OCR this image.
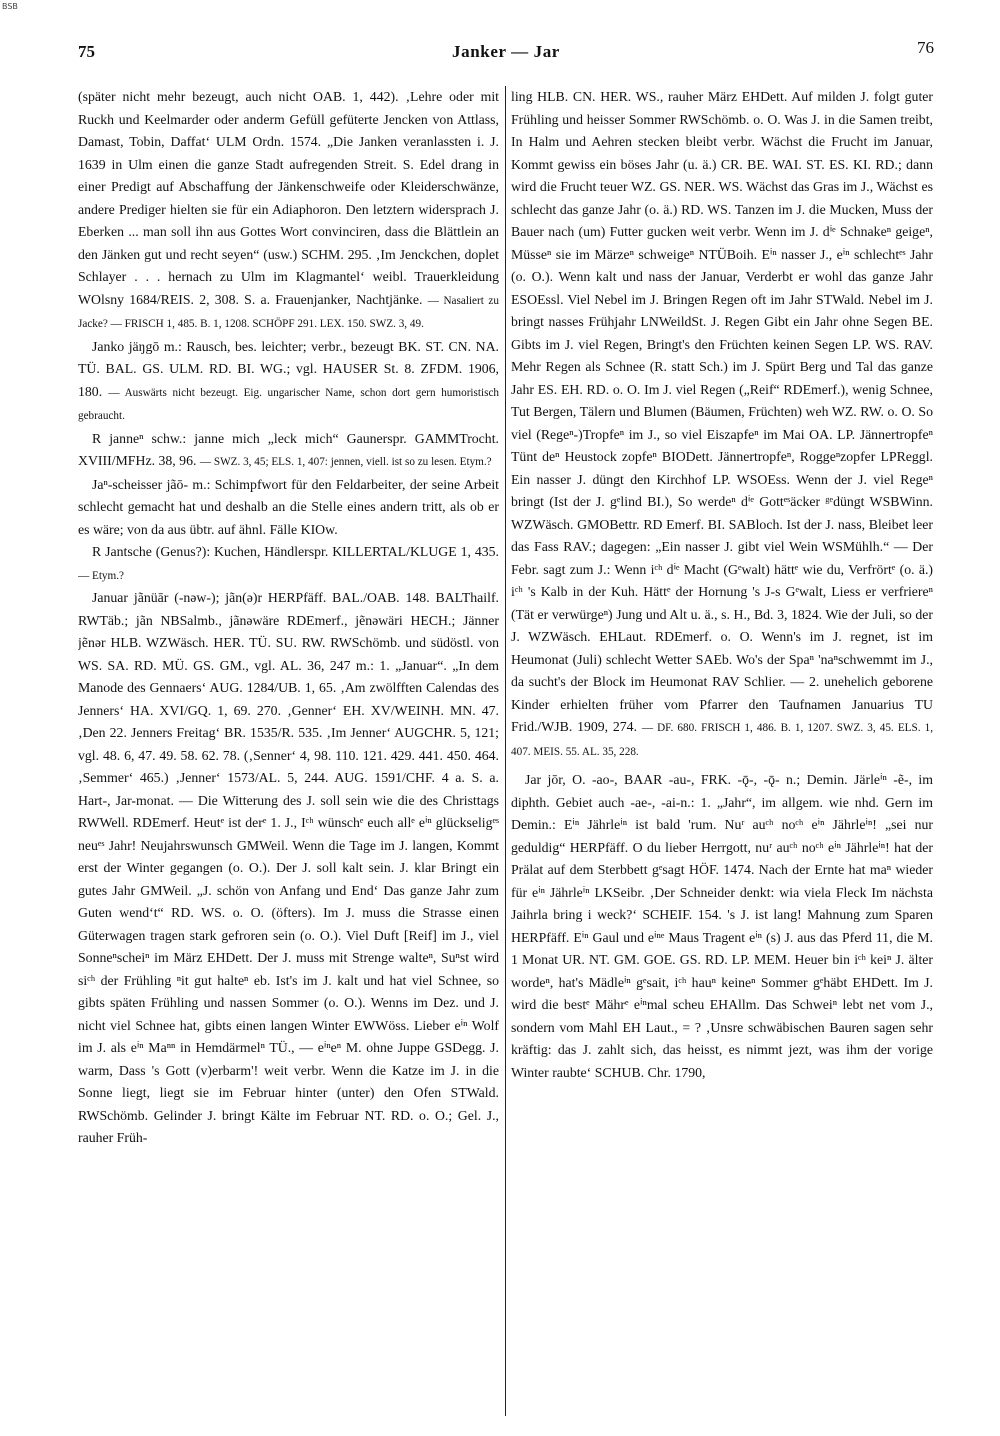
BSB
75	Janker — Jar	76

(später nicht mehr bezeugt, auch nicht OAB. 1, 442). ‚Lehre oder mit Ruckh und Keelmarder oder anderm Gefüll gefüterte Jencken von Attlass, Damast, Tobin, Daffat‘ ULM Ordn. 1574. „Die Janken veranlassten i. J. 1639 in Ulm einen die ganze Stadt aufregenden Streit. S. Edel drang in einer Predigt auf Abschaffung der Jänkenschweife oder Kleiderschwänze, andere Prediger hielten sie für ein Adiaphoron. Den letztern widersprach J. Eberken ... man soll ihn aus Gottes Wort convinciren, dass die Blättlein an den Jänken gut und recht seyen“ (usw.) SCHM. 295. ‚Im Jenckchen, doplet Schlayer . . . hernach zu Ulm im Klagmantel‘ weibl. Trauerkleidung WOlsny 1684/REIS. 2, 308. S. a. Frauenjanker, Nachtjänke. — Nasaliert zu Jacke? — FRISCH 1, 485. B. 1, 1208. SCHÖPF 291. LEX. 150. SWZ. 3, 49.

Janko jäŋgō m.: Rausch, bes. leichter; verbr., bezeugt BK. ST. CN. NA. TÜ. BAL. GS. ULM. RD. BI. WG.; vgl. HAUSER St. 8. ZFDM. 1906, 180. — Auswärts nicht bezeugt. Eig. ungarischer Name, schon dort gern humoristisch gebraucht.

R janneⁿ schw.: janne mich „leck mich“ Gaunerspr. GAMMTrocht. XVIII/MFHz. 38, 96. — SWZ. 3, 45; ELS. 1, 407: jennen, viell. ist so zu lesen. Etym.?

Jaⁿ-scheisser jãō- m.: Schimpfwort für den Feldarbeiter, der seine Arbeit schlecht gemacht hat und deshalb an die Stelle eines andern tritt, als ob er es wäre; von da aus übtr. auf ähnl. Fälle KIOw.

R Jantsche (Genus?): Kuchen, Händlerspr. KILLERTAL/KLUGE 1, 435. — Etym.?

Januar jãnüār (-nəw-); jãn(ə)r HERPfäff. BAL./OAB. 148. BALThailf. RWTäb.; jãn NBSalmb., jãnəwäre RDEmerf., jẽnəwäri HECH.; Jänner jẽnər HLB. WZWäsch. HER. TÜ. SU. RW. RWSchömb. und südöstl. von WS. SA. RD. MÜ. GS. GM., vgl. AL. 36, 247 m.: 1. „Januar“. „In dem Manode des Gennaers‘ AUG. 1284/UB. 1, 65. ‚Am zwölfften Calendas des Jenners‘ HA. XVI/GQ. 1, 69. 270. ‚Genner‘ EH. XV/WEINH. MN. 47. ‚Den 22. Jenners Freitag‘ BR. 1535/R. 535. ‚Im Jenner‘ AUGCHR. 5, 121; vgl. 48. 6, 47. 49. 58. 62. 78. (‚Senner‘ 4, 98. 110. 121. 429. 441. 450. 464. ‚Semmer‘ 465.) ‚Jenner‘ 1573/AL. 5, 244. AUG. 1591/CHF. 4 a. S. a. Hart-, Jar-monat. — Die Witterung des J. soll sein wie die des Christtags RWWell. RDEmerf. Heutᵉ ist derᵉ 1. J., Iᶜʰ wünschᵉ euch allᵉ eⁱⁿ glückseligᵉˢ neuᵉˢ Jahr! Neujahrswunsch GMWeil. Wenn die Tage im J. langen, Kommt erst der Winter gegangen (o. O.). Der J. soll kalt sein. J. klar Bringt ein gutes Jahr GMWeil. „J. schön von Anfang und End‘ Das ganze Jahr zum Guten wend‘t“ RD. WS. o. O. (öfters). Im J. muss die Strasse einen Güterwagen tragen stark gefroren sein (o. O.). Viel Duft [Reif] im J., viel Sonneⁿscheiⁿ im März EHDett. Der J. muss mit Strenge walteⁿ, Suⁿst wird siᶜʰ der Frühling ⁿit gut halteⁿ eb. Ist's im J. kalt und hat viel Schnee, so gibts späten Frühling und nassen Sommer (o. O.). Wenns im Dez. und J. nicht viel Schnee hat, gibts einen langen Winter EWWöss. Lieber eⁱⁿ Wolf im J. als eⁱⁿ Maⁿⁿ in Hemdärmelⁿ TÜ., — eⁱⁿeⁿ M. ohne Juppe GSDegg. J. warm, Dass 's Gott (v)erbarm'! weit verbr. Wenn die Katze im J. in die Sonne liegt, liegt sie im Februar hinter (unter) den Ofen STWald. RWSchömb. Gelinder J. bringt Kälte im Februar NT. RD. o. O.; Gel. J., rauher Früh-

ling HLB. CN. HER. WS., rauher März EHDett. Auf milden J. folgt guter Frühling und heisser Sommer RWSchömb. o. O. Was J. in die Samen treibt, In Halm und Aehren stecken bleibt verbr. Wächst die Frucht im Januar, Kommt gewiss ein böses Jahr (u. ä.) CR. BE. WAI. ST. ES. KI. RD.; dann wird die Frucht teuer WZ. GS. NER. WS. Wächst das Gras im J., Wächst es schlecht das ganze Jahr (o. ä.) RD. WS. Tanzen im J. die Mucken, Muss der Bauer nach (um) Futter gucken weit verbr. Wenn im J. dⁱᵉ Schnakeⁿ geigeⁿ, Müsseⁿ sie im Märzeⁿ schweigeⁿ NTÜBoih. Eⁱⁿ nasser J., eⁱⁿ schlechtᵉˢ Jahr (o. O.). Wenn kalt und nass der Januar, Verderbt er wohl das ganze Jahr ESOEssl. Viel Nebel im J. Bringen Regen oft im Jahr STWald. Nebel im J. bringt nasses Frühjahr LNWeildSt. J. Regen Gibt ein Jahr ohne Segen BE. Gibts im J. viel Regen, Bringt's den Früchten keinen Segen LP. WS. RAV. Mehr Regen als Schnee (R. statt Sch.) im J. Spürt Berg und Tal das ganze Jahr ES. EH. RD. o. O. Im J. viel Regen („Reif“ RDEmerf.), wenig Schnee, Tut Bergen, Tälern und Blumen (Bäumen, Früchten) weh WZ. RW. o. O. So viel (Regeⁿ-)Tropfeⁿ im J., so viel Eiszapfeⁿ im Mai OA. LP. Jännertropfeⁿ Tünt deⁿ Heustock zopfeⁿ BIODett. Jännertropfeⁿ, Roggeⁿzopfer LPReggl. Ein nasser J. düngt den Kirchhof LP. WSOEss. Wenn der J. viel Regeⁿ bringt (Ist der J. gᵉlind BI.), So werdeⁿ dⁱᵉ Gottᵉˢäcker ᵍᵉdüngt WSBWinn. WZWäsch. GMOBettr. RD Emerf. BI. SABloch. Ist der J. nass, Bleibet leer das Fass RAV.; dagegen: „Ein nasser J. gibt viel Wein WSMühlh.“ — Der Febr. sagt zum J.: Wenn iᶜʰ dⁱᵉ Macht (Gᵉwalt) hättᵉ wie du, Verfrörtᵉ (o. ä.) iᶜʰ 's Kalb in der Kuh. Hättᵉ der Hornung 's J-s Gᵉwalt, Liess er verfriereⁿ (Tät er verwürgeⁿ) Jung und Alt u. ä., s. H., Bd. 3, 1824. Wie der Juli, so der J. WZWäsch. EHLaut. RDEmerf. o. O. Wenn's im J. regnet, ist im Heumonat (Juli) schlecht Wetter SAEb. Wo's der Spaⁿ 'naⁿschwemmt im J., da sucht's der Block im Heumonat RAV Schlier. — 2. unehelich geborene Kinder erhielten früher vom Pfarrer den Taufnamen Januarius TU Frid./WJB. 1909, 274. — DF. 680. FRISCH 1, 486. B. 1, 1207. SWZ. 3, 45. ELS. 1, 407. MEIS. 55. AL. 35, 228.

Jar jōr, O. -ao-, BAAR -au-, FRK. -ǭ-, -ǭ- n.; Demin. Järleⁱⁿ -ẽ-, im diphth. Gebiet auch -ae-, -ai-n.: 1. „Jahr“, im allgem. wie nhd. Gern im Demin.: Eⁱⁿ Jährleⁱⁿ ist bald 'rum. Nuʳ auᶜʰ noᶜʰ eⁱⁿ Jährleⁱⁿ! „sei nur geduldig“ HERPfäff. O du lieber Herrgott, nuʳ auᶜʰ noᶜʰ eⁱⁿ Jährleⁱⁿ! hat der Prälat auf dem Sterbbett gᵉsagt HÖF. 1474. Nach der Ernte hat maⁿ wieder für eⁱⁿ Jährleⁱⁿ LKSeibr. ‚Der Schneider denkt: wia viela Fleck Im nächsta Jaihrla bring i weck?‘ SCHEIF. 154. 's J. ist lang! Mahnung zum Sparen HERPfäff. Eⁱⁿ Gaul und eⁱⁿᵉ Maus Tragent eⁱⁿ (s) J. aus das Pferd 11, die M. 1 Monat UR. NT. GM. GOE. GS. RD. LP. MEM. Heuer bin iᶜʰ keiⁿ J. älter wordeⁿ, hat's Mädleⁱⁿ gᵉsait, iᶜʰ hauⁿ keineⁿ Sommer gᵉhäbt EHDett. Im J. wird die bestᵉ Mährᵉ eⁱⁿmal scheu EHAllm. Das Schweiⁿ lebt net vom J., sondern vom Mahl EH Laut., = ? ‚Unsre schwäbischen Bauren sagen sehr kräftig: das J. zahlt sich, das heisst, es nimmt jezt, was ihm der vorige Winter raubte‘ SCHUB. Chr. 1790,
